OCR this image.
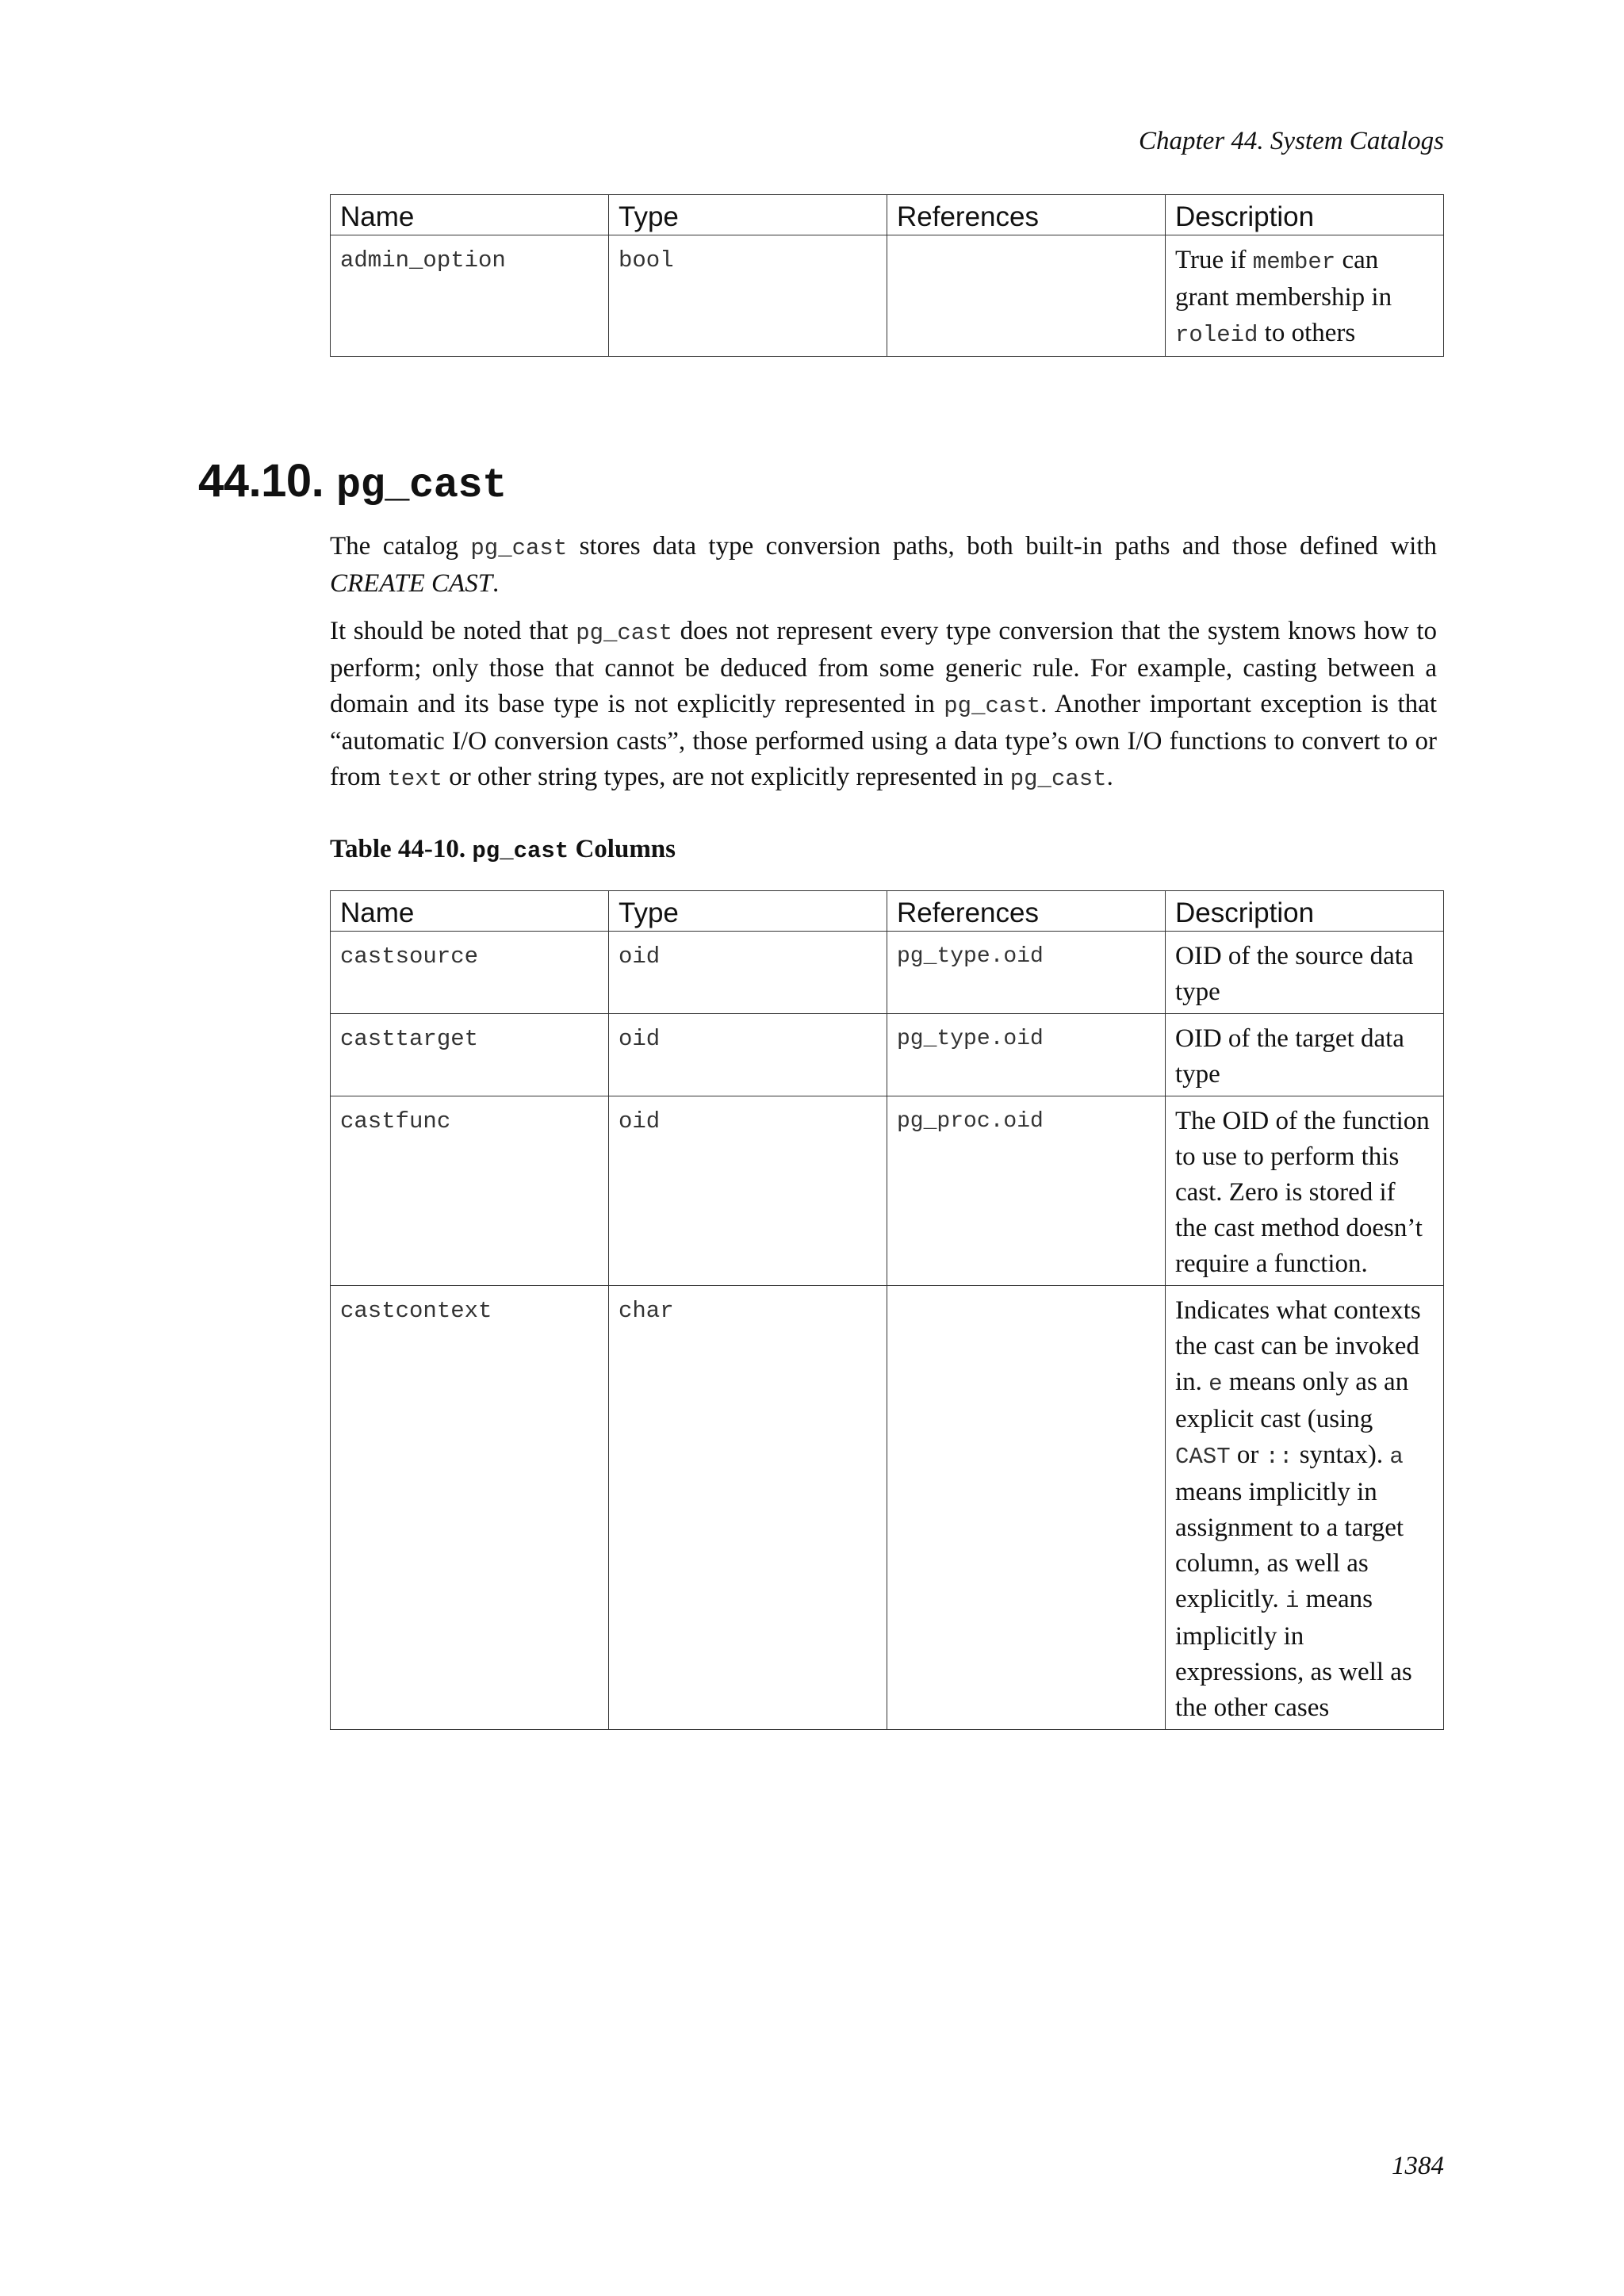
Chapter 44. System Catalogs
Name	Type	References	Description
admin_option	bool		True if member can grant membership in roleid to others
44.10. pg_cast

The catalog pg_cast stores data type conversion paths, both built-in paths and those defined with CREATE CAST.

It should be noted that pg_cast does not represent every type conversion that the system knows how to perform; only those that cannot be deduced from some generic rule. For example, casting between a domain and its base type is not explicitly represented in pg_cast. Another important exception is that “automatic I/O conversion casts”, those performed using a data type’s own I/O functions to convert to or from text or other string types, are not explicitly represented in pg_cast.

Table 44-10. pg_cast Columns

Name	Type	References	Description
castsource	oid	pg_type.oid	OID of the source data type
casttarget	oid	pg_type.oid	OID of the target data type
castfunc	oid	pg_proc.oid	The OID of the function to use to perform this cast. Zero is stored if the cast method doesn’t require a function.
castcontext	char		Indicates what contexts the cast can be invoked in. e means only as an explicit cast (using CAST or :: syntax). a means implicitly in assignment to a target column, as well as explicitly. i means implicitly in expressions, as well as the other cases
1384
